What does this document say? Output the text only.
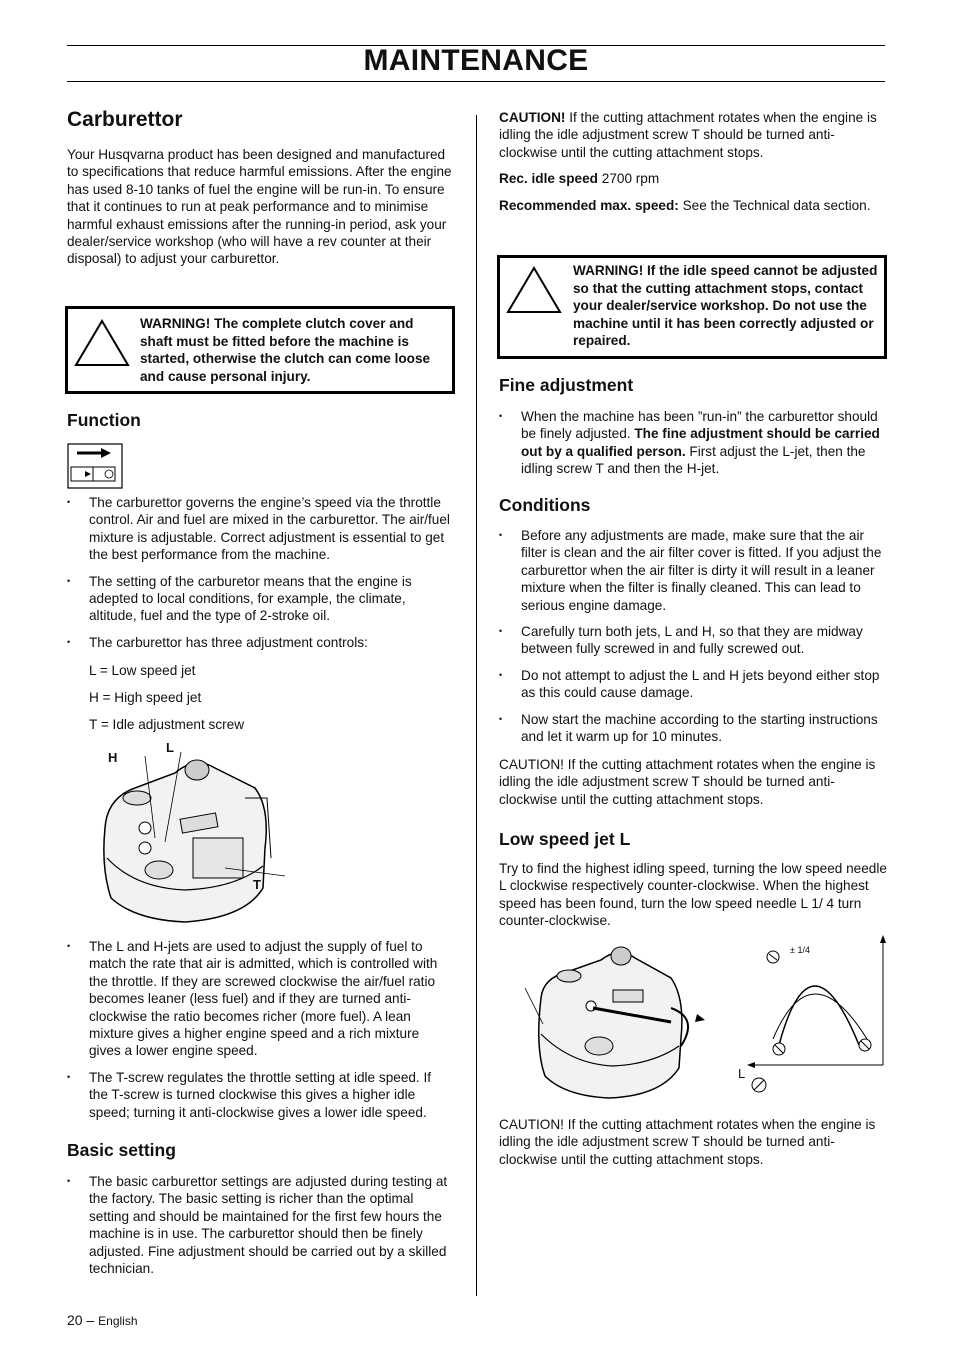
MAINTENANCE
Carburettor

Your Husqvarna product has been designed and manufactured to specifications that reduce harmful emissions. After the engine has used 8-10 tanks of fuel the engine will be run-in. To ensure that it continues to run at peak performance and to minimise harmful exhaust emissions after the running-in period, ask your dealer/service workshop (who will have a rev counter at their disposal) to adjust your carburettor.

WARNING! The complete clutch cover and shaft must be fitted before the machine is started, otherwise the clutch can come loose and cause personal injury.
Function
• The carburettor governs the engine’s speed via the throttle control. Air and fuel are mixed in the carburettor. The air/fuel mixture is adjustable. Correct adjustment is essential to get the best performance from the machine.
• The setting of the carburetor means that the engine is adepted to local conditions, for example, the climate, altitude, fuel and the type of 2-stroke oil.
• The carburettor has three adjustment controls:

L = Low speed jet

H = High speed jet

T = Idle adjustment screw

H
L
T
• The L and H-jets are used to adjust the supply of fuel to match the rate that air is admitted, which is controlled with the throttle. If they are screwed clockwise the air/fuel ratio becomes leaner (less fuel) and if they are turned anti-clockwise the ratio becomes richer (more fuel). A lean mixture gives a higher engine speed and a rich mixture gives a lower engine speed.
• The T-screw regulates the throttle setting at idle speed. If the T-screw is turned clockwise this gives a higher idle speed; turning it anti-clockwise gives a lower idle speed.
Basic setting
• The basic carburettor settings are adjusted during testing at the factory. The basic setting is richer than the optimal setting and should be maintained for the first few hours the machine is in use. The carburettor should then be finely adjusted. Fine adjustment should be carried out by a skilled technician.

CAUTION! If the cutting attachment rotates when the engine is idling the idle adjustment screw T should be turned anti-clockwise until the cutting attachment stops.

Rec. idle speed 2700 rpm

Recommended max. speed: See the Technical data section.

WARNING! If the idle speed cannot be adjusted so that the cutting attachment stops, contact your dealer/service workshop. Do not use the machine until it has been correctly adjusted or repaired.
Fine adjustment
• When the machine has been ”run-in” the carburettor should be finely adjusted. The fine adjustment should be carried out by a qualified person. First adjust the L-jet, then the idling screw T and then the H-jet.
Conditions
• Before any adjustments are made, make sure that the air filter is clean and the air filter cover is fitted. If you adjust the carburettor when the air filter is dirty it will result in a leaner mixture when the filter is finally cleaned. This can lead to serious engine damage.
• Carefully turn both jets, L and H, so that they are midway between fully screwed in and fully screwed out.
• Do not attempt to adjust the L and H jets beyond either stop as this could cause damage.
• Now start the machine according to the starting instructions and let it warm up for 10 minutes.

CAUTION! If the cutting attachment rotates when the engine is idling the idle adjustment screw T should be turned anti-clockwise until the cutting attachment stops.

Low speed jet L

Try to find the highest idling speed, turning the low speed needle L clockwise respectively counter-clockwise. When the highest speed has been found, turn the low speed needle L 1/ 4 turn counter-clockwise.

± 1/4
L

CAUTION! If the cutting attachment rotates when the engine is idling the idle adjustment screw T should be turned anti-clockwise until the cutting attachment stops.

20 – English
